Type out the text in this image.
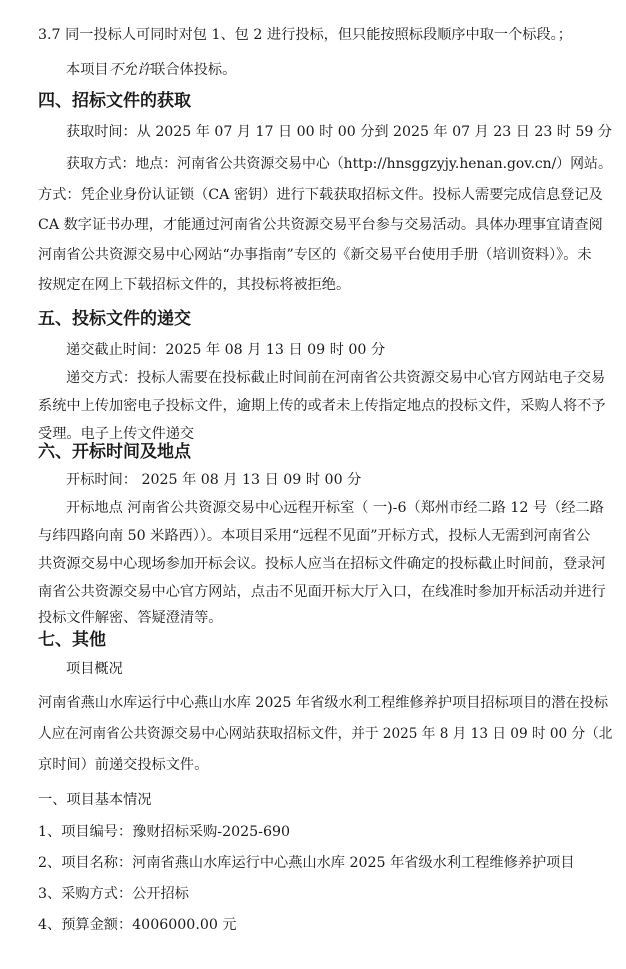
3.7 同一投标人可同时对包 1、包 2 进行投标，但只能按照标段顺序中取一个标段。；
本项目不允许联合体投标。
四、招标文件的获取
获取时间：从 2025 年 07 月 17 日 00 时 00 分到 2025 年 07 月 23 日 23 时 59 分
获取方式：地点：河南省公共资源交易中心（http://hnsggzyjy.henan.gov.cn/）网站。
方式：凭企业身份认证锁（CA 密钥）进行下载获取招标文件。投标人需要完成信息登记及
CA 数字证书办理，才能通过河南省公共资源交易平台参与交易活动。具体办理事宜请查阅
河南省公共资源交易中心网站“办事指南”专区的《新交易平台使用手册（培训资料）》。未
按规定在网上下载招标文件的，其投标将被拒绝。
五、投标文件的递交
递交截止时间：2025 年 08 月 13 日 09 时 00 分
递交方式：投标人需要在投标截止时间前在河南省公共资源交易中心官方网站电子交易
系统中上传加密电子投标文件，逾期上传的或者未上传指定地点的投标文件，采购人将不予
受理。电子上传文件递交
六、开标时间及地点
开标时间： 2025 年 08 月 13 日 09 时 00 分
开标地点 河南省公共资源交易中心远程开标室（ 一)-6（郑州市经二路 12 号（经二路
与纬四路向南 50 米路西））。本项目采用“远程不见面”开标方式，投标人无需到河南省公
共资源交易中心现场参加开标会议。投标人应当在招标文件确定的投标截止时间前，登录河
南省公共资源交易中心官方网站，点击不见面开标大厅入口，在线准时参加开标活动并进行
投标文件解密、答疑澄清等。
七、其他
项目概况
河南省燕山水库运行中心燕山水库 2025 年省级水利工程维修养护项目招标项目的潜在投标
人应在河南省公共资源交易中心网站获取招标文件，并于 2025 年 8 月 13 日 09 时 00 分（北
京时间）前递交投标文件。
一、项目基本情况
1、项目编号：豫财招标采购-2025-690
2、项目名称：河南省燕山水库运行中心燕山水库 2025 年省级水利工程维修养护项目
3、采购方式：公开招标
4、预算金额：4006000.00 元
